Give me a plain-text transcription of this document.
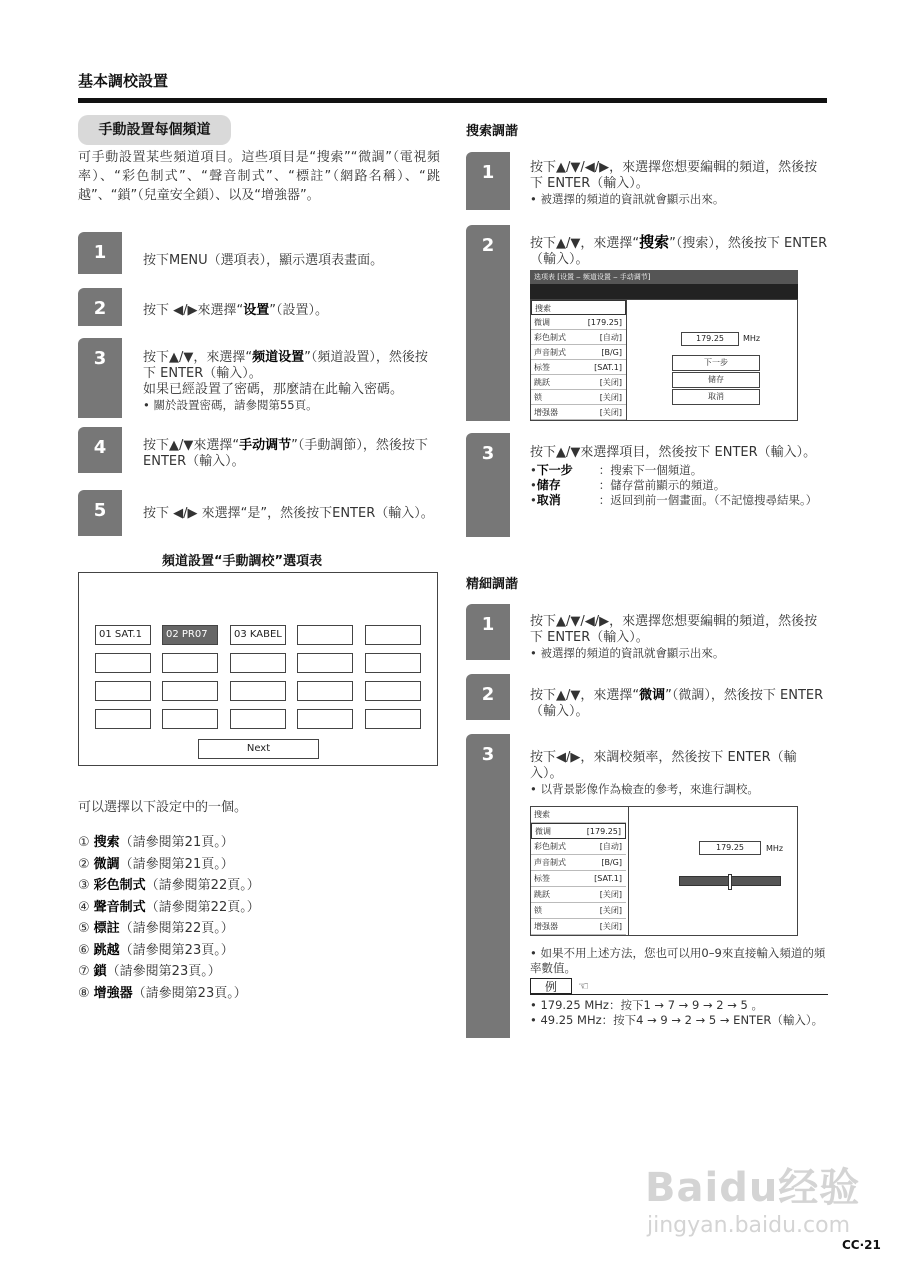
基本調校設置
手動設置每個頻道
可手動設置某些頻道項目。這些項目是“搜索”“微調”（電視頻率）、“彩色制式”、“聲音制式”、“標註”（網路名稱）、“跳越”、“鎖”（兒童安全鎖）、以及“增強器”。
1	按下MENU（選項表），顯示選項表畫面。
2	按下 ◀/▶來選擇“设置”（設置）。
3	按下▲/▼，來選擇“频道设置”（頻道設置），然後按下 ENTER（輸入）。
如果已經設置了密碼，那麼請在此輸入密碼。
• 關於設置密碼，請參閱第55頁。
4	按下▲/▼來選擇“手动调节”（手動調節），然後按下ENTER（輸入）。
5	按下 ◀/▶ 來選擇“是”，然後按下ENTER（輸入）。
頻道設置“手動調校”選項表
01 SAT.1	02 PR07	03 KABEL
Next
可以選擇以下設定中的一個。
① 搜索（請參閱第21頁。）
② 微調（請參閱第21頁。）
③ 彩色制式（請參閱第22頁。）
④ 聲音制式（請參閱第22頁。）
⑤ 標註（請參閱第22頁。）
⑥ 跳越（請參閱第23頁。）
⑦ 鎖（請參閱第23頁。）
⑧ 增強器（請參閱第23頁。）
搜索調諧
1	按下▲/▼/◀/▶，來選擇您想要編輯的頻道，然後按下 ENTER（輸入）。
• 被選擇的頻道的資訊就會顯示出來。
2	按下▲/▼，來選擇“搜索”（搜索），然後按下 ENTER（輸入）。
选项表 [设置 ‒ 频道设置 ‒ 手动调节]
搜索
微调	[179.25]
彩色制式	[自动]
声音制式	[B/G]
标签	[SAT.1]
跳跃	[关闭]
锁	[关闭]
增强器	[关闭]
179.25	MHz
下一步
储存
取消
3	按下▲/▼來選擇項目，然後按下 ENTER（輸入）。
• 下一步	：搜索下一個頻道。
• 储存	：儲存當前顯示的頻道。
• 取消	：返回到前一個畫面。（不記憶搜尋結果。）
精細調諧
1	按下▲/▼/◀/▶，來選擇您想要編輯的頻道，然後按下 ENTER（輸入）。
• 被選擇的頻道的資訊就會顯示出來。
2	按下▲/▼，來選擇“微调”（微調），然後按下 ENTER（輸入）。
3	按下◀/▶，來調校頻率，然後按下 ENTER（輸入）。
• 以背景影像作為檢查的參考，來進行調校。
搜索
微调	[179.25]
彩色制式	[自动]
声音制式	[B/G]
标签	[SAT.1]
跳跃	[关闭]
锁	[关闭]
增强器	[关闭]
179.25	MHz
• 如果不用上述方法，您也可以用0–9來直接輸入頻道的頻率數值。
例	☜
• 179.25 MHz：按下1 → 7 → 9 → 2 → 5 。
• 49.25 MHz：按下4 → 9 → 2 → 5 → ENTER（輸入）。
Baidu经验
jingyan.baidu.com
CC·21
